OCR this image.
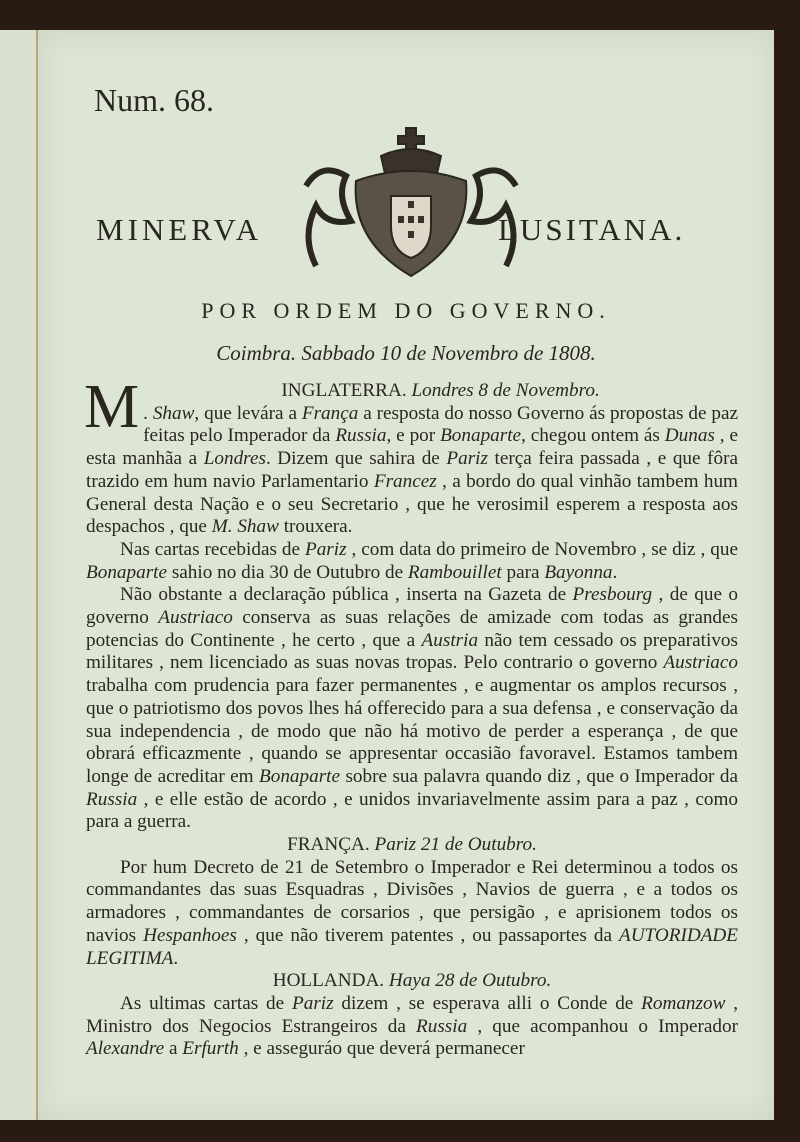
Num. 68.
MINERVA	LUSITANA.
POR ORDEM DO GOVERNO.
Coimbra. Sabbado 10 de Novembro de 1808.

M	INGLATERRA. Londres 8 de Novembro.

. Shaw, que levára a França a resposta do nosso Governo ás propostas de paz feitas pelo Imperador da Russia, e por Bonaparte, chegou ontem ás Dunas , e esta manhãa a Londres. Dizem que sahira de Pariz terça feira passada , e que fôra trazido em hum navio Parlamentario Francez , a bordo do qual vinhão tambem hum General desta Nação e o seu Secretario , que he verosimil esperem a resposta aos despachos , que M. Shaw trouxera.

Nas cartas recebidas de Pariz , com data do primeiro de Novembro , se diz , que Bonaparte sahio no dia 30 de Outubro de Rambouillet para Bayonna.

Não obstante a declaração pública , inserta na Gazeta de Presbourg , de que o governo Austriaco conserva as suas relações de amizade com todas as grandes potencias do Continente , he certo , que a Austria não tem cessado os preparativos militares , nem licenciado as suas novas tropas. Pelo contrario o governo Austriaco trabalha com prudencia para fazer permanentes , e augmentar os amplos recursos , que o patriotismo dos povos lhes há offerecido para a sua defensa , e conservação da sua independencia , de modo que não há motivo de perder a esperança , de que obrará efficazmente , quando se appresentar occasião favoravel. Estamos tambem longe de acreditar em Bonaparte sobre sua palavra quando diz , que o Imperador da Russia , e elle estão de acordo , e unidos invariavelmente assim para a paz , como para a guerra.

FRANÇA. Pariz 21 de Outubro.

Por hum Decreto de 21 de Setembro o Imperador e Rei determinou a todos os commandantes das suas Esquadras , Divisões , Navios de guerra , e a todos os armadores , commandantes de corsarios , que persigão , e aprisionem todos os navios Hespanhoes , que não tiverem patentes , ou passaportes da AUTORIDADE LEGITIMA.

HOLLANDA. Haya 28 de Outubro.

As ultimas cartas de Pariz dizem , se esperava alli o Conde de Romanzow , Ministro dos Negocios Estrangeiros da Russia , que acompanhou o Imperador Alexandre a Erfurth , e asseguráo que deverá permanecer
